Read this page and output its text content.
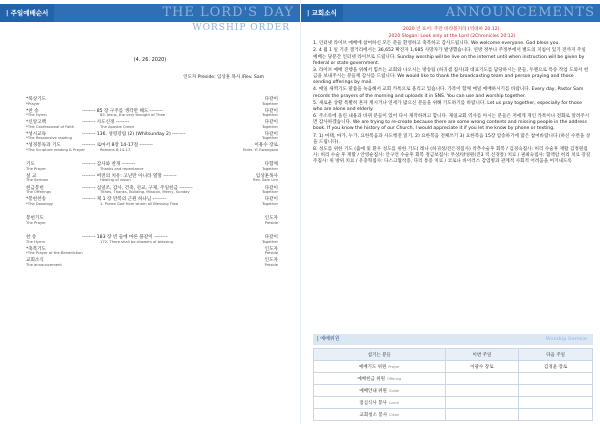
| 주일예배순서	THE LORD'S DAY
WORSHIP ORDER
(4. 26. 2020)
인도자 Preside: 임상훈 목사 /Rev. Sam
*묵상기도	다같이
*Prayer	Together
*찬 송	-------- 85 장 구주를 생각만 해도 --------	다같이
*The Hymn	85. Jesus, the very thought of Thee	Together
*신앙고백	-------- 사도신경 --------	다같이
*The Confessional of Faith	The Apostle Creed	Together
*성시교독	-------- 136. 성령강림 (2) (Whitsunday 2) --------	다같이
*The Responsive reading	Together
*성경봉독과 기도	-------- 로마서 8장 14-17절 --------	이용수 장로
*The Scripture reading & Prayer	Romans 8:14-17	Elder. Yi Gwangsoo
기도	-------- 감사와 찬개 --------	다함께
The Prayer	Thanks and repentance	Together
설 교	-------- 버전의 치유: 고난만 아니라 열망 --------	임상훈목사
The Sermon	Healing of vision	Rev. Sam Lim
헌금봉헌	-------- 십일조, 감사, 건축, 선교, 구제, 주일헌금 --------	다같이
The Offerings	Tithes, Thanks, Building, Mission, Mercy, Sunday	Together
*봉헌찬송	-------- 제 1 장 만복의 근원 하나님 --------	다같이
*The Doxology	1. Praise God from whom all Blessing Flow	Together
봉헌기도	인도자
The Prayer	Preside
찬 송	-------- 183 장 빈 들에 마른 풀같이 --------	다같이
The Hymn	172. There shall be showers of blessing	Together
*축복기도	인도자
*The Prayer of the Benediction	Preside
교회소식	인도자
The announcement	Preside
| 교회소식	ANNOUNCEMENTS

2020 년 표어: 주만 바라볼지라 (역대하 20:12).

2020 Slogan: Look only at the Lord (2Chronicles 20:12)

1. 인터넷 라이브 예배에 참여하신 모든 분들 환영하고 축복하고 감사드립니다. We welcome everyone. God bless you.

2. 4 월 1 일 기준 캘거리에서는 36,652 확진자 1,685 사망자가 발생했습니다. 연방 정부나 주정부에서 별도의 지침이 있기 전까지 주일 예배는 당분간 인터넷 라이브로 드립니다. Sunday worship will be live on the internet until when instruction will be given by federal or state government.

3. 라이브 예배 진행을 위해서 힘쓰는 교회와 나오시는 방송팀 (하귀셈 집사)과 대표기도를 담당하시는 분들, 두렌으로 특송 작업 도와서 헌금을 보내주시는 분들께 감사를 드립니다. We would like to thank the broadcasting team and person praying and those sending offerings by mail.

4. 매일 새벽기도 말씀을 녹음해서 교회 카톡으로 올리고 있습니다. 가족이 함께 매일 예배하시기를 바랍니다. Every day, Pastor Sam records the prayers of the morning and uploads it in SNS. You can use and worship together.

5. 새로운 상황 특별히 혼자 계시거나 연세가 많으신 분들을 위해 기도하기를 바랍니다. Let us pray together, especially for those who are alone and elderly.

6. 주소록에 올린 내용과 바뀌 분들이 있어 다시 제작하려고 합니다. 제일교회 역사를 아시는 분들은 저에게 개인 카톡이나 전화로 알려주시면 감사하겠습니다. We are trying to re-create because there are some wrong contents and missing people in the address book. If you know the history of our Church, I would appreciate it if you let me know by phone or texting.

7. 1) 마태, 마가, 누가, 요한복음과 사도행전 읽기, 2) 요한복음 전체쓰기 3) 요한복음 15장 암송하기에 많은 참여바랍니다 (하신 수면을 상을 드립니다).

8. 성도를 위한 기도 (출애 및 환우 성도를 위한 기도) 레나 (하귀성/진은경집사) 착추수술후 회복 / 김경숙집사: 허리 수술후 재활 김정원집사: 허리 수술 후 재활 / 안영순집사: 안구언 수술후 회복 정금보집사: 무상/양성원(진3 직 신경통) 치료 / 권최숙집사: 혈액암 허리 치료 강길주집사: 위 방위 치료 / 유충혁집사: 다스크협착증, 다리 통증 치료 / 코로나 바이러스 감염병과 관계적 사회적 어려움을 여겨내도록

| 예배위원	Worship Service
섬기는 분들	이번 주일	다음 주일
예배기도 위원 Prayer	이광수 장로	김경윤 장로
예배헌금 위원 Offering		
예배안내 위원 Guide		
점심식사 봉사 Lunch		
교회청소 봉사 Clean		
